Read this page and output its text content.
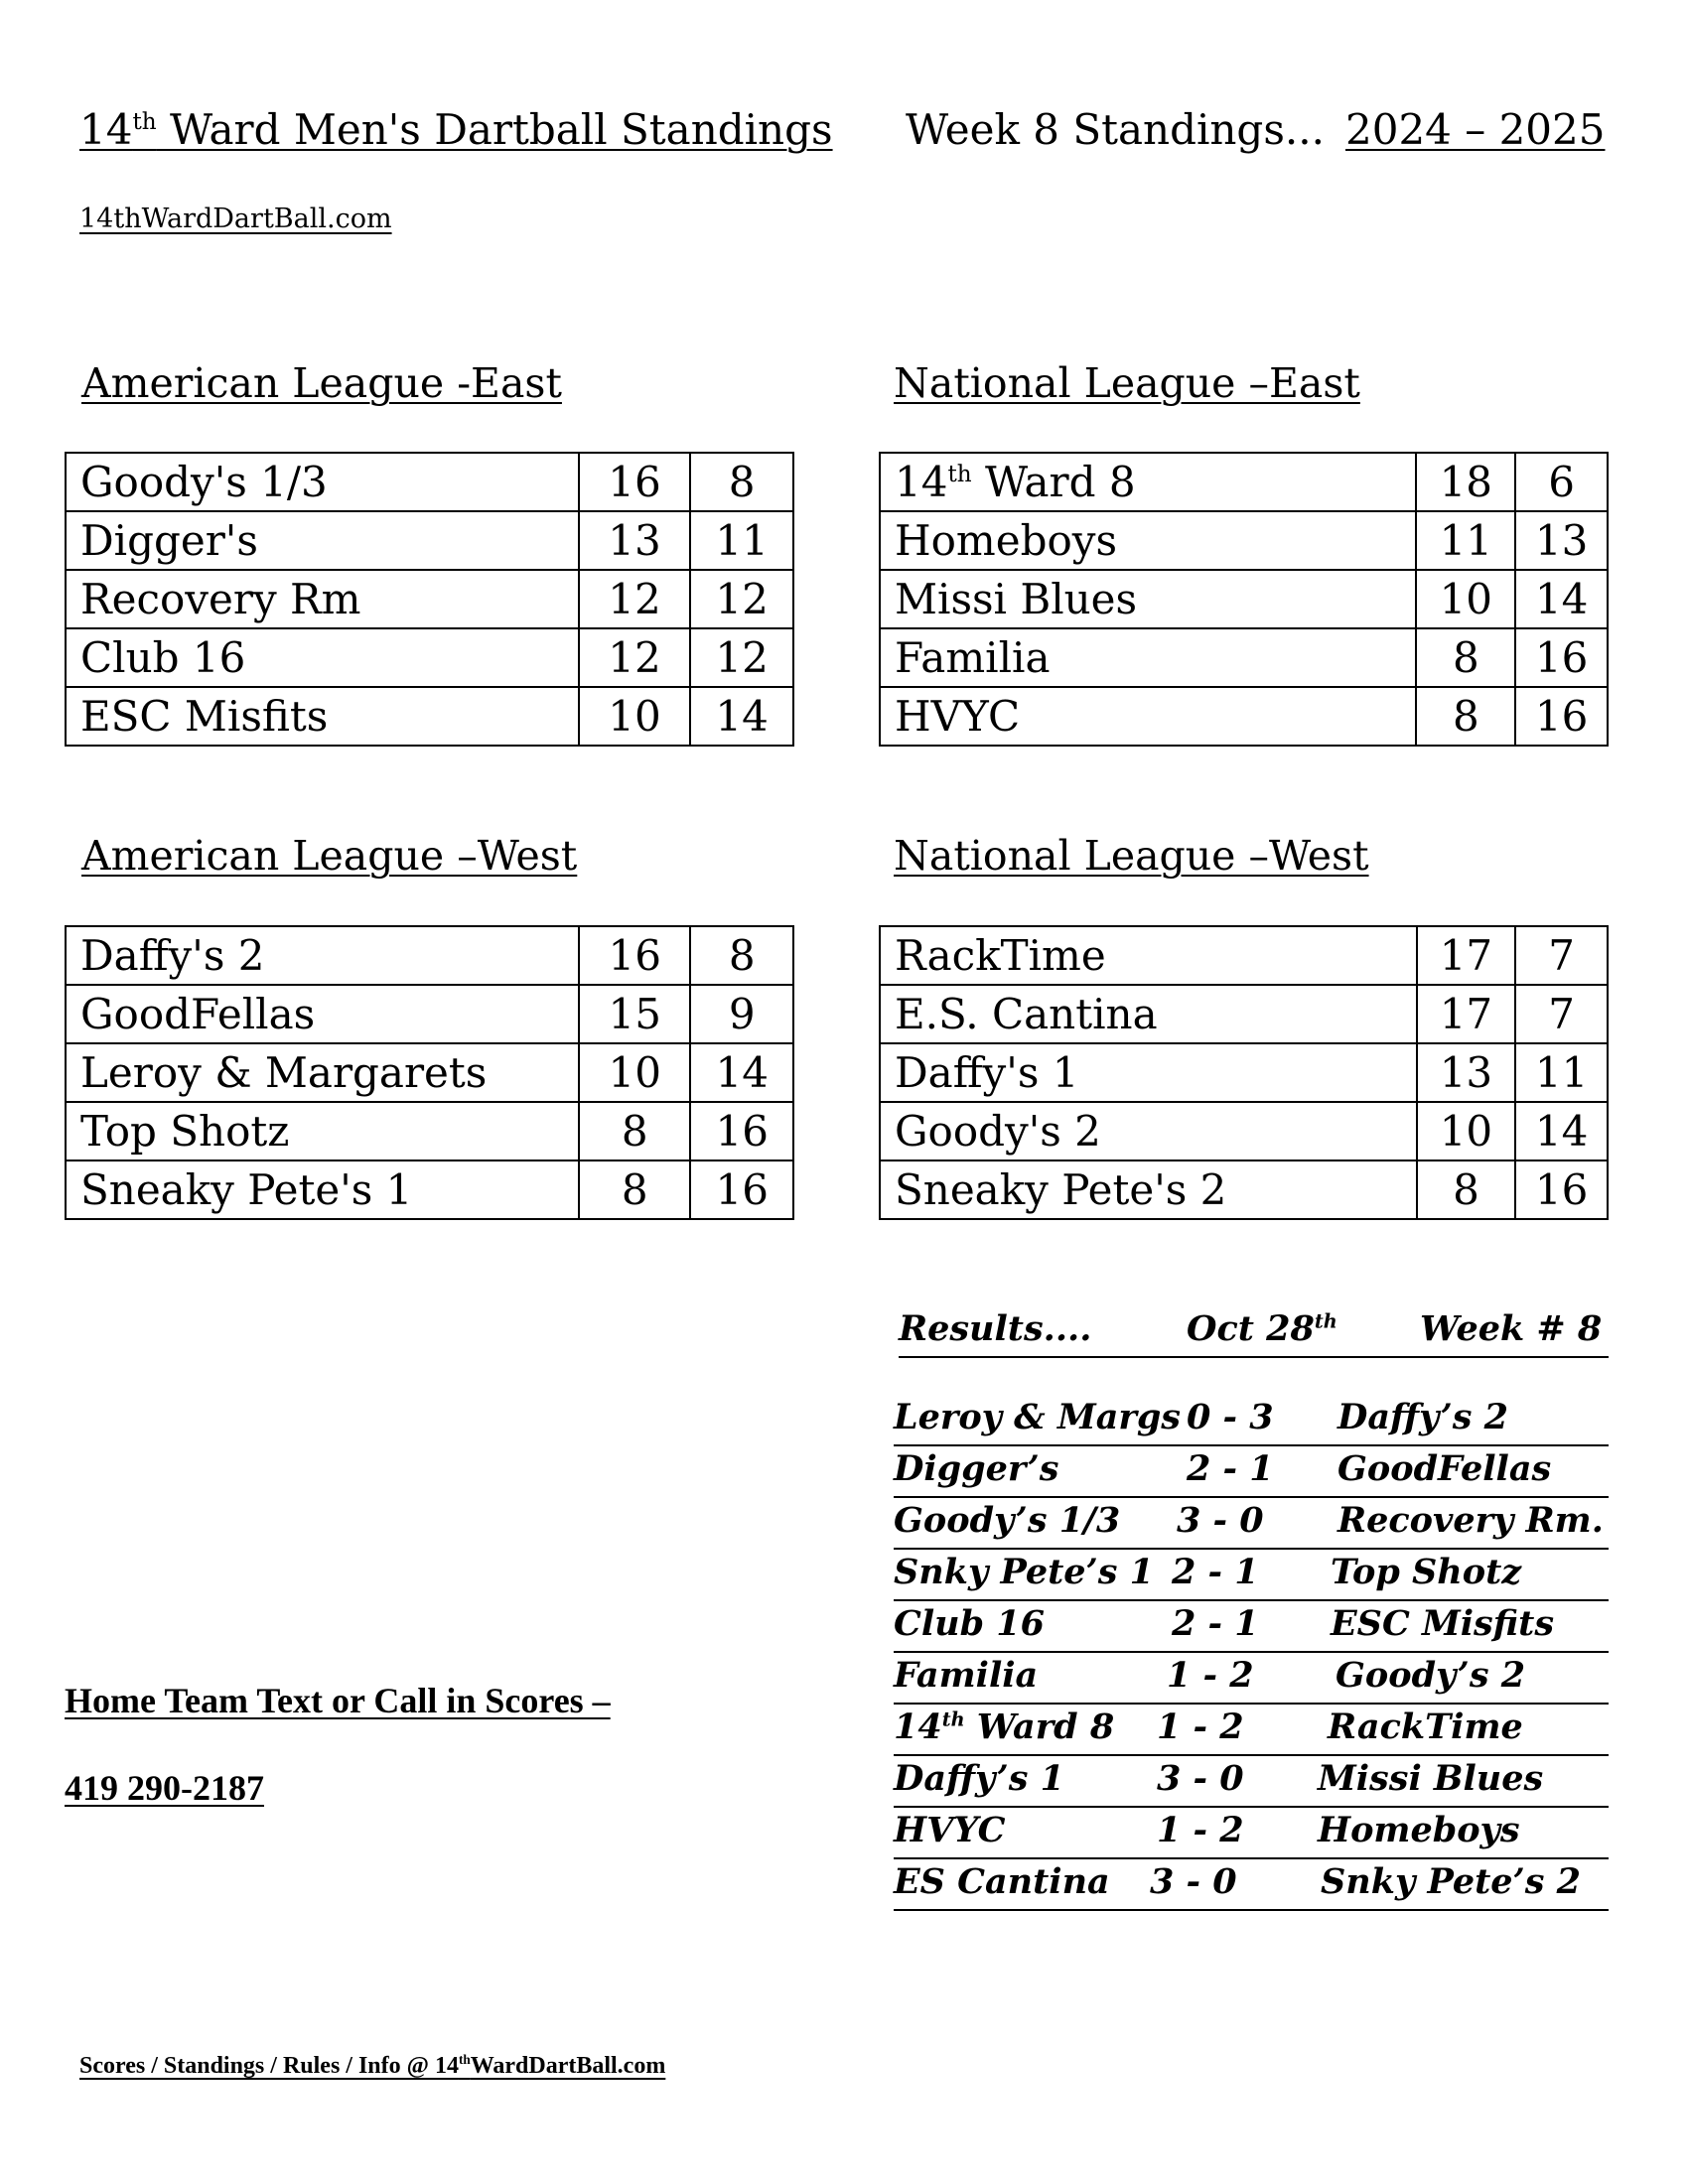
14th Ward Men's Dartball Standings Week 8 Standings... 2024 – 2025
14thWardDartBall.com
American League -East
Goody's 1/3	16	8
Digger's	13	11
Recovery Rm	12	12
Club 16	12	12
ESC Misfits	10	14
National League –East
14th Ward 8	18	6
Homeboys	11	13
Missi Blues	10	14
Familia	8	16
HVYC	8	16
American League –West
Daffy's 2	16	8
GoodFellas	15	9
Leroy & Margarets	10	14
Top Shotz	8	16
Sneaky Pete's 1	8	16
National League –West
RackTime	17	7
E.S. Cantina	17	7
Daffy's 1	13	11
Goody's 2	10	14
Sneaky Pete's 2	8	16
Results....	Oct 28th Week # 8
Leroy & Margs 0 - 3 Daffy’s 2
Digger’s	2 - 1 GoodFellas
Goody’s 1/3 3 - 0 Recovery Rm.
Snky Pete’s 1 2 - 1 Top Shotz
Club 16	2 - 1 ESC Misfits
Familia	1 - 2 Goody’s 2
14th Ward 8 1 - 2 RackTime
Daffy’s 1	3 - 0 Missi Blues
HVYC	1 - 2 Homeboys
ES Cantina 3 - 0 Snky Pete’s 2
Home Team Text or Call in Scores –
419 290-2187
Scores / Standings / Rules / Info @ 14thWardDartBall.com
